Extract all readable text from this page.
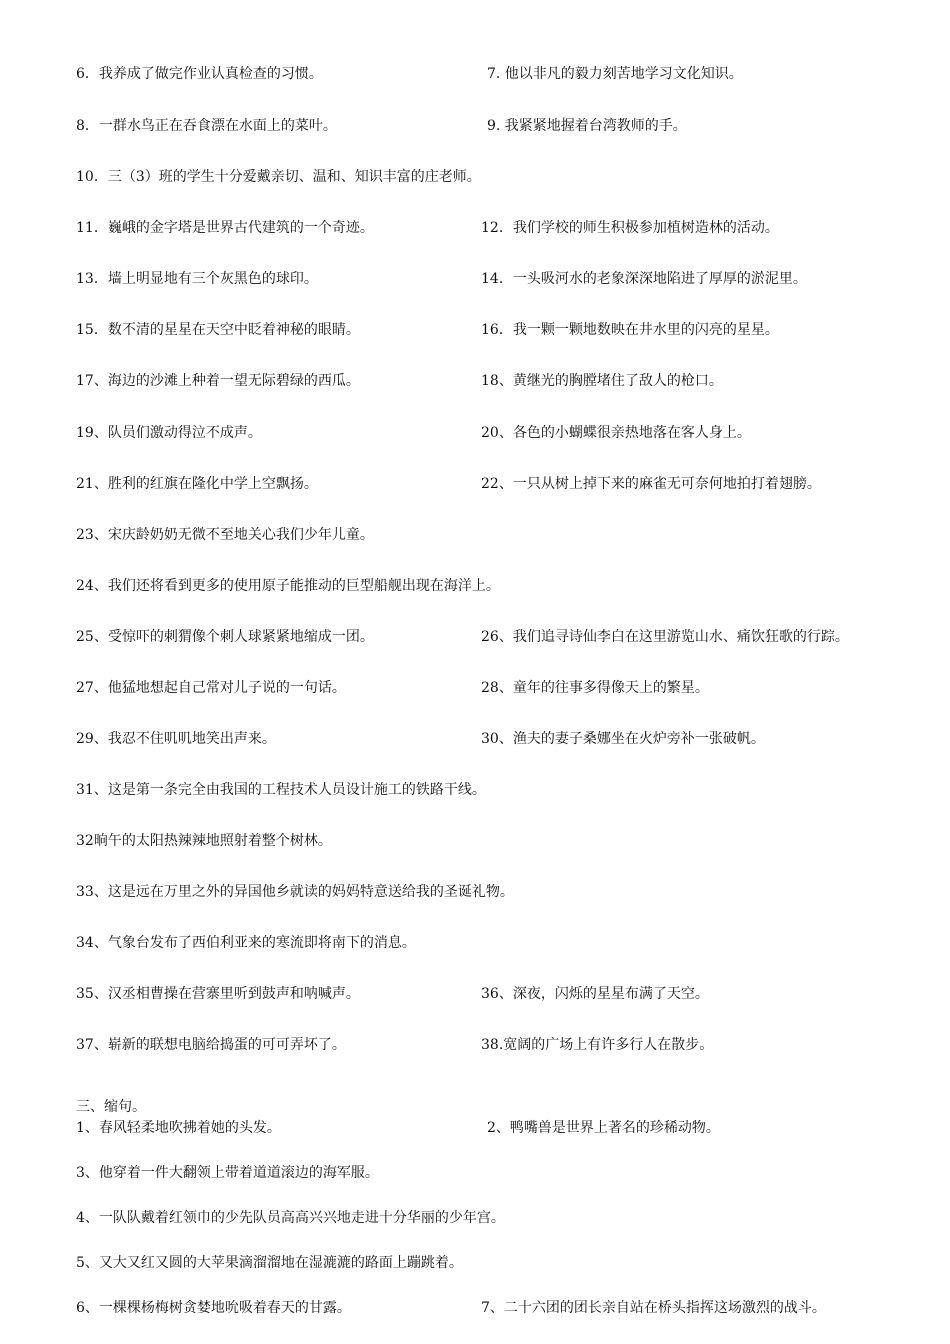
6．我养成了做完作业认真检查的习惯。	7. 他以非凡的毅力刻苦地学习文化知识。
8．一群水鸟正在吞食漂在水面上的菜叶。	9. 我紧紧地握着台湾教师的手。
10．三（3）班的学生十分爱戴亲切、温和、知识丰富的庄老师。
11．巍峨的金字塔是世界古代建筑的一个奇迹。	12．我们学校的师生积极参加植树造林的活动。
13．墙上明显地有三个灰黑色的球印。	14．一头吸河水的老象深深地陷进了厚厚的淤泥里。
15．数不清的星星在天空中眨着神秘的眼睛。	16．我一颗一颗地数映在井水里的闪亮的星星。
17、海边的沙滩上种着一望无际碧绿的西瓜。	18、黄继光的胸膛堵住了敌人的枪口。
19、队员们激动得泣不成声。	20、各色的小蝴蝶很亲热地落在客人身上。
21、胜利的红旗在隆化中学上空飘扬。	22、一只从树上掉下来的麻雀无可奈何地拍打着翅膀。
23、宋庆龄奶奶无微不至地关心我们少年儿童。
24、我们还将看到更多的使用原子能推动的巨型船舰出现在海洋上。
25、受惊吓的刺猬像个刺人球紧紧地缩成一团。	26、我们追寻诗仙李白在这里游览山水、痛饮狂歌的行踪。
27、他猛地想起自己常对儿子说的一句话。	28、童年的往事多得像天上的繁星。
29、我忍不住叽叽地笑出声来。	30、渔夫的妻子桑娜坐在火炉旁补一张破帆。
31、这是第一条完全由我国的工程技术人员设计施工的铁路干线。
32晌午的太阳热辣辣地照射着整个树林。
33、这是远在万里之外的异国他乡就读的妈妈特意送给我的圣诞礼物。
34、气象台发布了西伯利亚来的寒流即将南下的消息。
35、汉丞相曹操在营寨里听到鼓声和呐喊声。	36、深夜，闪烁的星星布满了天空。
37、崭新的联想电脑给捣蛋的可可弄坏了。	38.宽阔的广场上有许多行人在散步。
三、缩句。
1、春风轻柔地吹拂着她的头发。	2、鸭嘴兽是世界上著名的珍稀动物。
3、他穿着一件大翻领上带着道道滚边的海军服。
4、一队队戴着红领巾的少先队员高高兴兴地走进十分华丽的少年宫。
5、又大又红又圆的大苹果滴溜溜地在湿漉漉的路面上蹦跳着。
6、一棵棵杨梅树贪婪地吮吸着春天的甘露。	7、二十六团的团长亲自站在桥头指挥这场激烈的战斗。
